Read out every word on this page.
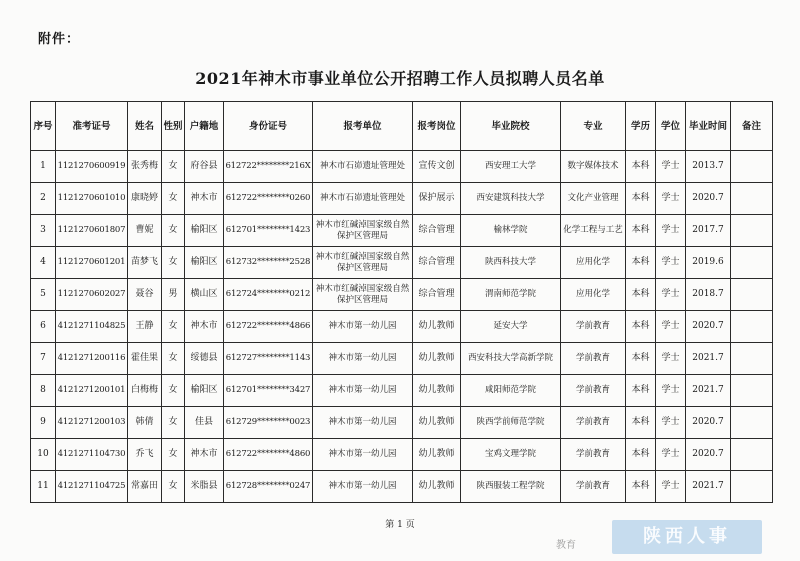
附件：
2021年神木市事业单位公开招聘工作人员拟聘人员名单
序号	准考证号	姓名	性别	户籍地	身份证号	报考单位	报考岗位	毕业院校	专业	学历	学位	毕业时间	备注
1	1121270600919	张秀梅	女	府谷县	612722********216X	神木市石峁遗址管理处	宣传文创	西安理工大学	数字媒体技术	本科	学士	2013.7	
2	1121270601010	康晓婷	女	神木市	612722********0260	神木市石峁遗址管理处	保护展示	西安建筑科技大学	文化产业管理	本科	学士	2020.7	
3	1121270601807	曹妮	女	榆阳区	612701********1423	神木市红碱淖国家级自然保护区管理局	综合管理	榆林学院	化学工程与工艺	本科	学士	2017.7	
4	1121270601201	苗梦飞	女	榆阳区	612732********2528	神木市红碱淖国家级自然保护区管理局	综合管理	陕西科技大学	应用化学	本科	学士	2019.6	
5	1121270602027	聂谷	男	横山区	612724********0212	神木市红碱淖国家级自然保护区管理局	综合管理	渭南师范学院	应用化学	本科	学士	2018.7	
6	4121271104825	王静	女	神木市	612722********4866	神木市第一幼儿园	幼儿教师	延安大学	学前教育	本科	学士	2020.7	
7	4121271200116	霍佳果	女	绥德县	612727********1143	神木市第一幼儿园	幼儿教师	西安科技大学高新学院	学前教育	本科	学士	2021.7	
8	4121271200101	白梅梅	女	榆阳区	612701********3427	神木市第一幼儿园	幼儿教师	咸阳师范学院	学前教育	本科	学士	2021.7	
9	4121271200103	韩倩	女	佳县	612729********0023	神木市第一幼儿园	幼儿教师	陕西学前师范学院	学前教育	本科	学士	2020.7	
10	4121271104730	乔飞	女	神木市	612722********4860	神木市第一幼儿园	幼儿教师	宝鸡文理学院	学前教育	本科	学士	2020.7	
11	4121271104725	常嘉田	女	米脂县	612728********0247	神木市第一幼儿园	幼儿教师	陕西服装工程学院	学前教育	本科	学士	2021.7	
第 1 页
教育	陕西人事
